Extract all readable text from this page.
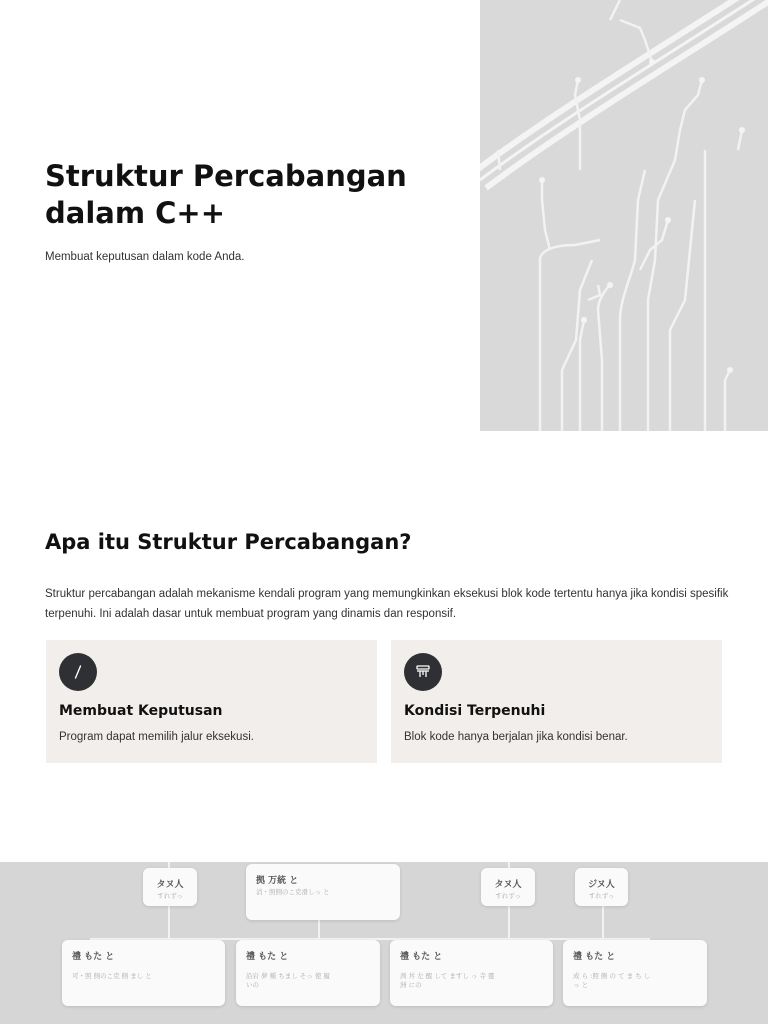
Struktur Percabangan dalam C++

Membuat keputusan dalam kode Anda.

Apa itu Struktur Percabangan?

Struktur percabangan adalah mekanisme kendali program yang memungkinkan eksekusi blok kode tertentu hanya jika kondisi spesifik terpenuhi. Ini adalah dasar untuk membuat program yang dinamis dan responsif.

Membuat Keputusan
Program dapat memilih jalur eksekusi.
Kondisi Terpenuhi
Blok kode hanya berjalan jika kondisi benar.
タヌ人
すれずっ
拠 万統 と
消・照側のこ克滑しっ と
タヌ人
すれずっ
ジヌ人
すれずっ
禮 もた と
可・照 側のこ克 側 まし と
禮 もた と
沿岩 夢 種 ちまし そっ 使 履 いの
禮 もた と
洌 丼 左 醒 して ますし っ 寺 靈 洲 にの
禮 もた と
成 ら :照 側 の て ま ち し っ と
